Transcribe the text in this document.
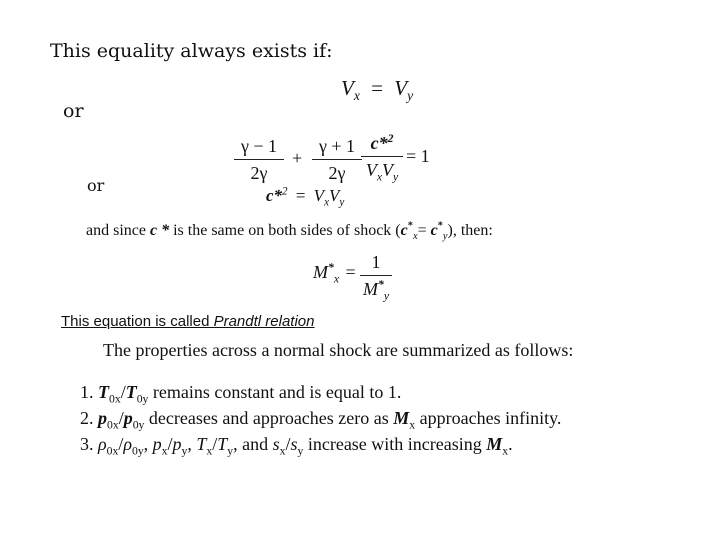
This equality always exists if:
$V_x = V_y$
or
γ − 1
2γ
+
γ + 1
2γ
c*$^2$
$V_xV_y$
= 1
or
$c*^2 = V_xV_y$
and since c * is the same on both sides of shock $(c^*_x= c^*_y)$, then:
$M^*_x = 1$
$M^*_y$
This equation is called Prandtl relation
The properties across a normal shock are summarized as follows:
1. $T_{0x}/T_{0y}$ remains constant and is equal to 1.
2. $p_{0x}/p_{0y}$ decreases and approaches zero as $M_x$ approaches infinity.
3. $\rho_{0x}/\rho_{0y}$, $p_x/p_y$, $T_x/T_y$, and $s_x/s_y$ increase with increasing $M_x$.
